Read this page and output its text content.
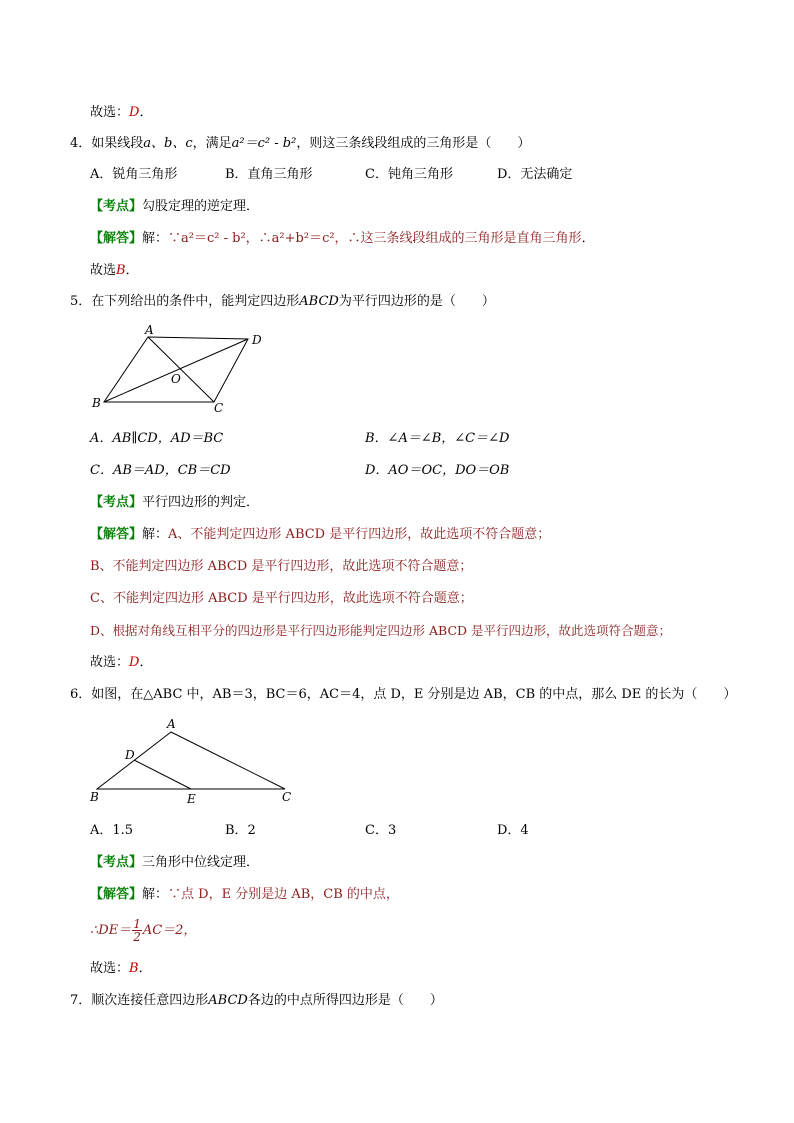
故选：D．
4．如果线段a、b、c，满足a²＝c² - b²，则这三条线段组成的三角形是（　　）
A．锐角三角形	B．直角三角形	C．钝角三角形	D．无法确定
【考点】勾股定理的逆定理．
【解答】解：∵a²＝c² - b²，∴a²+b²＝c²，∴这三条线段组成的三角形是直角三角形．
故选B．
5．在下列给出的条件中，能判定四边形ABCD为平行四边形的是（　　）
A
D
O
B	C
A．AB∥CD，AD＝BC	B．∠A＝∠B，∠C＝∠D
C．AB＝AD，CB＝CD	D．AO＝OC，DO＝OB
【考点】平行四边形的判定．
【解答】解：A、不能判定四边形 ABCD 是平行四边形，故此选项不符合题意；
B、不能判定四边形 ABCD 是平行四边形，故此选项不符合题意；
C、不能判定四边形 ABCD 是平行四边形，故此选项不符合题意；
D、根据对角线互相平分的四边形是平行四边形能判定四边形 ABCD 是平行四边形，故此选项符合题意；
故选：D．
6．如图，在△ABC 中，AB＝3，BC＝6，AC＝4，点 D，E 分别是边 AB，CB 的中点，那么 DE 的长为（　　）
A
D
B	E	C
A．1.5	B．2	C．3	D．4
【考点】三角形中位线定理．
【解答】解：∵点 D，E 分别是边 AB，CB 的中点，
∴DE＝ $\frac{1}{2} AC=2$，
故选：B．
7．顺次连接任意四边形ABCD各边的中点所得四边形是（　　）
